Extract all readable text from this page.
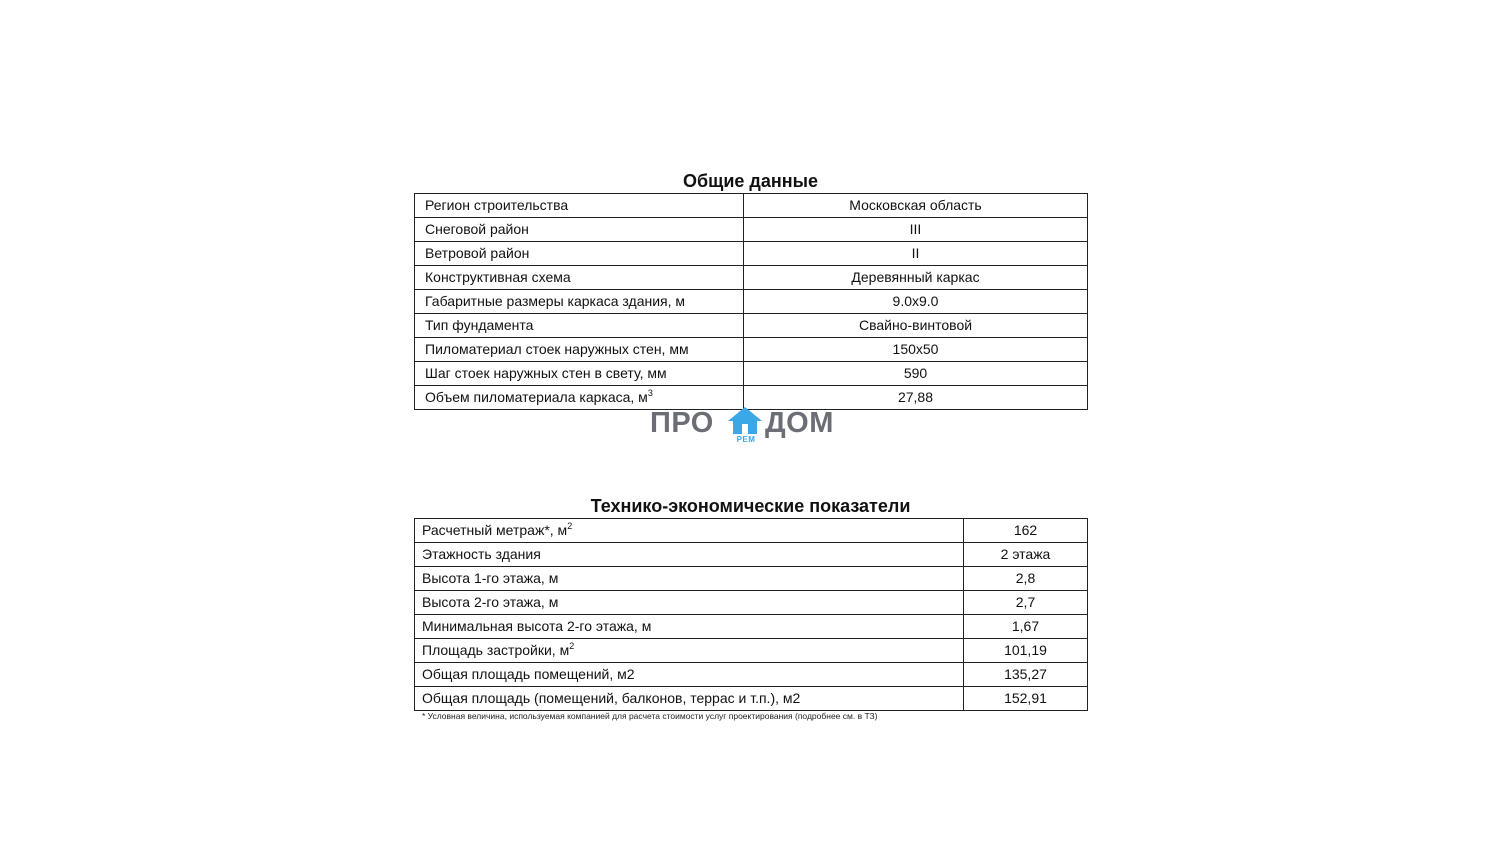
Общие данные
Регион строительства	Московская область
Снеговой район	III
Ветровой район	II
Конструктивная схема	Деревянный каркас
Габаритные размеры каркаса здания, м	9.0х9.0
Тип фундамента	Свайно-винтовой
Пиломатериал стоек наружных стен, мм	150х50
Шаг стоек наружных стен в свету, мм	590
Объем пиломатериала каркаса, $м^3$	27,88
ПРО
РЕМ
ДОМ
Технико-экономические показатели
Расчетный метраж*, $м^2$	162
Этажность здания	2 этажа
Высота 1-го этажа, м	2,8
Высота 2-го этажа, м	2,7
Минимальная высота 2-го этажа, м	1,67
Площадь застройки, $м^2$	101,19
Общая площадь помещений, м2	135,27
Общая площадь (помещений, балконов, террас и т.п.), м2	152,91
* Условная величина, используемая компанией для расчета стоимости услуг проектирования (подробнее см. в ТЗ)
